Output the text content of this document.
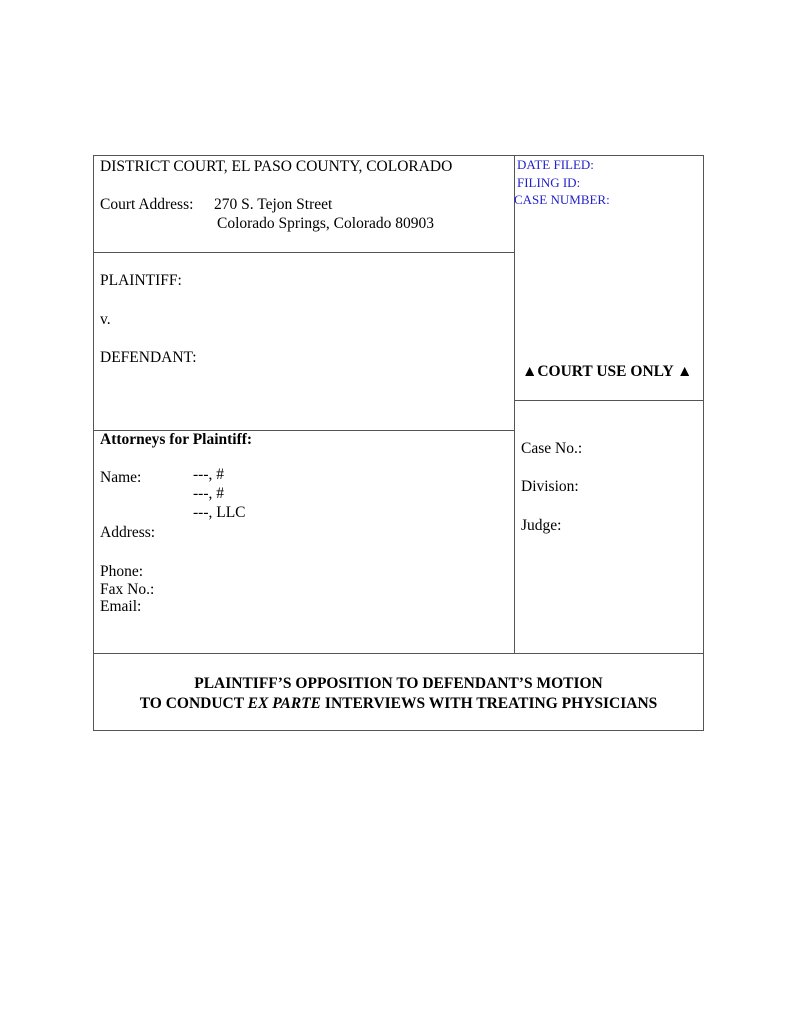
DISTRICT COURT, EL PASO COUNTY, COLORADO
Court Address: 270 S. Tejon Street
Colorado Springs, Colorado 80903
DATE FILED:
FILING ID:
CASE NUMBER:
PLAINTIFF:
v.
DEFENDANT:
▲COURT USE ONLY ▲
Attorneys for Plaintiff:
Name:	---, #
---, #
---, LLC
Address:
Phone:
Fax No.:
Email:
Case No.:
Division:
Judge:
PLAINTIFF’S OPPOSITION TO DEFENDANT’S MOTION
TO CONDUCT EX PARTE INTERVIEWS WITH TREATING PHYSICIANS
